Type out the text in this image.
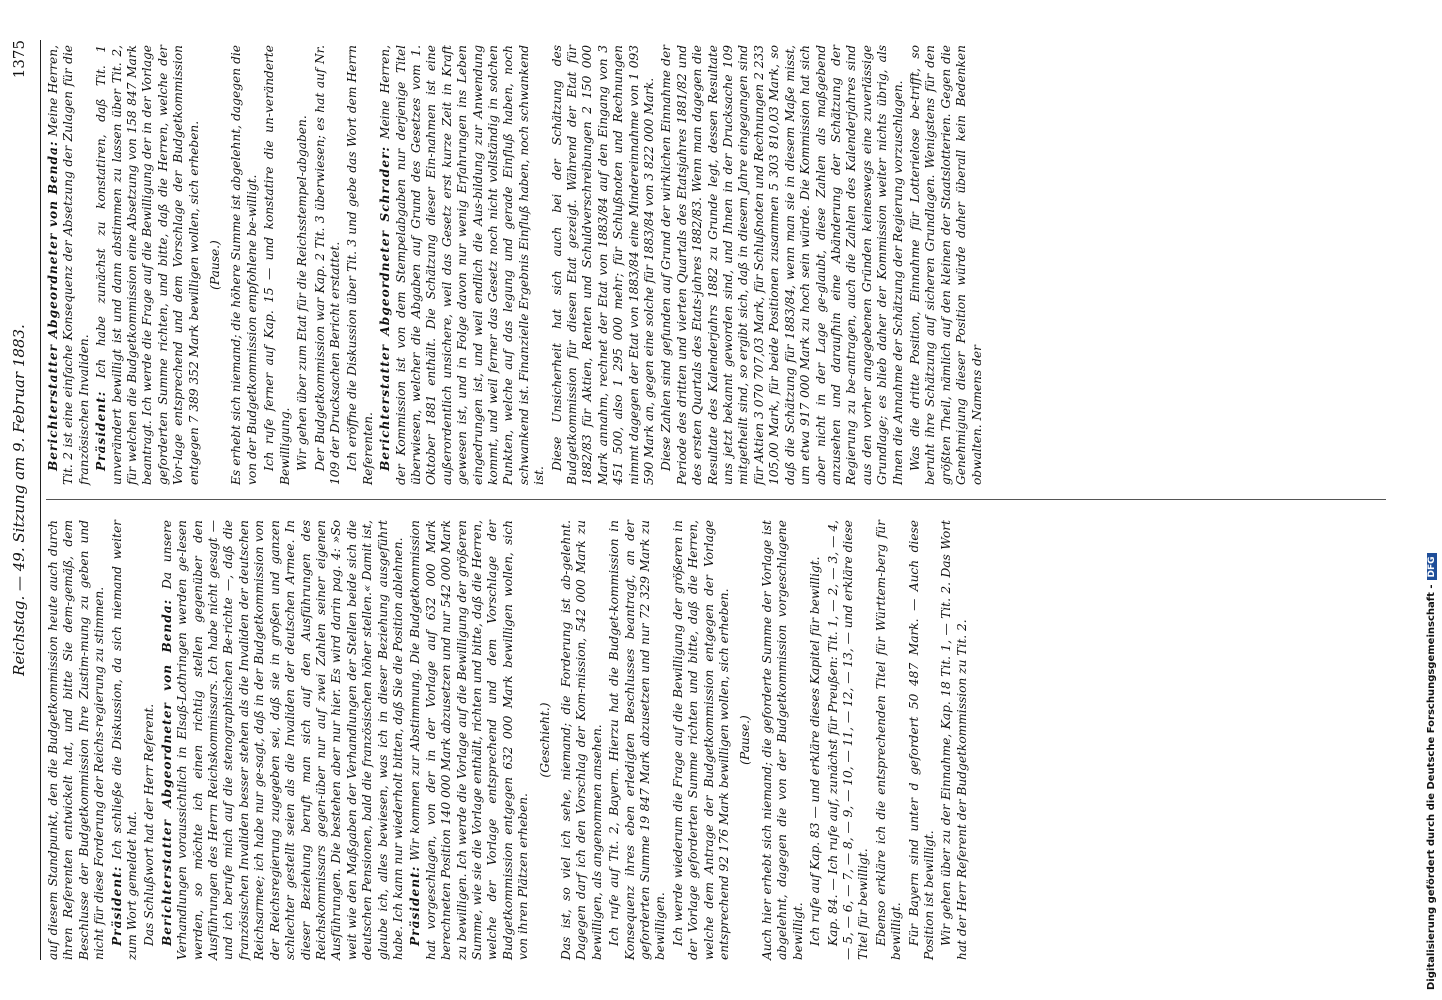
Reichstag. — 49. Sitzung am 9. Februar 1883.
1375

auf diesem Standpunkt, den die Budgetkommission heute auch durch ihren Referenten entwickelt hat, und bitte Sie dem-gemäß, dem Beschlusse der Budgetkommission Ihre Zustim-mung zu geben und nicht für diese Forderung der Reichs-regierung zu stimmen. Präsident: Ich schließe die Diskussion, da sich niemand weiter zum Wort gemeldet hat. Das Schlußwort hat der Herr Referent. Berichterstatter Abgeordneter von Benda: Da unsere Verhandlungen voraussichtlich in Elsaß-Lothringen werden ge-lesen werden, so möchte ich einen richtig stellen gegenüber den Ausführungen des Herrn Reichskommissars. Ich habe nicht gesagt — und ich berufe mich auf die stenographischen Be-richte —, daß die französischen Invaliden besser stehen als die Invaliden der deutschen Reichsarmee; ich habe nur ge-sagt, daß in der Budgetkommission von der Reichsregierung zugegeben sei, daß sie in großen und ganzen schlechter gestellt seien als die Invaliden der deutschen Armee. In dieser Beziehung beruft man sich auf den Ausführungen des Reichskommissars gegen-über nur auf zwei Zahlen seiner eigenen Ausführungen. Die bestehen aber nur hier. Es wird darin pag. 4: »So weit wie den Maßgaben der Verhandlungen der Stellen beide sich die deutschen Pensionen, bald die französischen höher stellen.« Damit ist, glaube ich, alles bewiesen, was ich in dieser Beziehung ausgeführt habe. Ich kann nur wiederholt bitten, daß Sie die Position ablehnen. Präsident: Wir kommen zur Abstimmung. Die Budgetkommission hat vorgeschlagen, von der in der Vorlage auf 632 000 Mark berechneten Position 140 000 Mark abzusetzen und nur 542 000 Mark zu bewilligen. Ich werde die Vorlage auf die Bewilligung der größeren Summe, wie sie die Vorlage enthält, richten und bitte, daß die Herren, welche der Vorlage entsprechend und dem Vorschlage der Budgetkommission entgegen 632 000 Mark bewilligen wollen, sich von ihren Plätzen erheben.

(Geschieht.) Das ist, so viel ich sehe, niemand; die Forderung ist ab-gelehnt. Dagegen darf ich den Vorschlag der Kom-mission, 542 000 Mark zu bewilligen, als angenommen ansehen. Ich rufe auf Tit. 2, Bayern. Hierzu hat die Budget-kommission in Konsequenz ihres eben erledigten Beschlusses beantragt, an der geforderten Summe 19 847 Mark abzusetzen und nur 72 329 Mark zu bewilligen. Ich werde wiederum die Frage auf die Bewilligung der größeren in der Vorlage geforderten Summe richten und bitte, daß die Herren, welche dem Antrage der Budgetkommission entgegen der Vorlage entsprechend 92 176 Mark bewilligen wollen, sich erheben. (Pause.) Auch hier erhebt sich niemand; die geforderte Summe der Vorlage ist abgelehnt, dagegen die von der Budgetkommission vorgeschlagene bewilligt. Ich rufe auf Kap. 83 — und erkläre dieses Kapitel für bewilligt. Kap. 84. — Ich rufe auf, zunächst für Preußen: Tit. 1, — 2, — 3, — 4, — 5, — 6, — 7, — 8, — 9, — 10, — 11, — 12, — 13, — und erkläre diese Titel für bewilligt. Ebenso erkläre ich die entsprechenden Titel für Württem-berg für bewilligt. Für Bayern sind unter d gefordert 50 487 Mark. — Auch diese Position ist bewilligt. Wir gehen über zu der Einnahme, Kap. 18 Tit. 1, — Tit. 2. Das Wort hat der Herr Referent der Budgetkommission zu Tit. 2.

Berichterstatter Abgeordneter von Benda: Meine Herren, Tit. 2 ist eine einfache Konsequenz der Absetzung der Zulagen für die französischen Invaliden. Präsident: Ich habe zunächst zu konstatiren, daß Tit. 1 unverändert bewilligt ist und dann abstimmen zu lassen über Tit. 2, für welchen die Budgetkommission eine Absetzung von 158 847 Mark beantragt. Ich werde die Frage auf die Bewilligung der in der Vorlage geforderten Summe richten, und bitte, daß die Herren, welche der Vor-lage entsprechend und dem Vorschlage der Budgetkommission entgegen 7 389 352 Mark bewilligen wollen, sich erheben. (Pause.) Es erhebt sich niemand; die höhere Summe ist abgelehnt, dagegen die von der Budgetkommission empfohlene be-willigt. Ich rufe ferner auf Kap. 15 — und konstatire die un-veränderte Bewilligung. Wir gehen über zum Etat für die Reichsstempel-abgaben. Der Budgetkommission war Kap. 2 Tit. 3 überwiesen; es hat auf Nr. 109 der Drucksachen Bericht erstattet. Ich eröffne die Diskussion über Tit. 3 und gebe das Wort dem Herrn Referenten. Berichterstatter Abgeordneter Schrader: Meine Herren, der Kommission ist von dem Stempelabgaben nur derjenige Titel überwiesen, welcher die Abgaben auf Grund des Gesetzes vom 1. Oktober 1881 enthält. Die Schätzung dieser Ein-nahmen ist eine außerordentlich unsichere, weil das Gesetz erst kurze Zeit in Kraft gewesen ist, und in Folge davon nur wenig Erfahrungen ins Leben eingedrungen ist, und weil endlich die Aus-bildung zur Anwendung kommt, und weil ferner das Gesetz noch nicht vollständig in solchen Punkten, welche auf das legung und gerade Einfluß haben, noch schwankend ist. Finanzielle Ergebnis Einfluß haben, noch schwankend ist.

Diese Unsicherheit hat sich auch bei der Schätzung des Budgetkommission für diesen Etat gezeigt. Während der Etat für 1882/83 für Aktien, Renten und Schuldverschreibungen 2 150 000 Mark annahm, rechnet der Etat von 1883/84 auf den Eingang von 3 451 500, also 1 295 000 mehr; für Schlußnoten und Rechnungen nimmt dagegen der Etat von 1883/84 eine Mindereinnahme von 1 093 590 Mark an, gegen eine solche für 1883/84 von 3 822 000 Mark. Diese Zahlen sind gefunden auf Grund der wirklichen Einnahme der Periode des dritten und vierten Quartals des Etatsjahres 1881/82 und des ersten Quartals des Etats-jahres 1882/83. Wenn man dagegen die Resultate des Kalenderjahrs 1882 zu Grunde legt, dessen Resultate uns jetzt bekannt geworden sind, und Ihnen in der Drucksache 109 mitgetheilt sind, so ergibt sich, daß in diesem Jahre eingegangen sind für Aktien 3 070 707,03 Mark, für Schlußnoten und Rechnungen 2 233 105,00 Mark, für beide Positionen zusammen 5 303 810,03 Mark, so daß die Schätzung für 1883/84, wenn man sie in diesem Maße misst, um etwa 917 000 Mark zu hoch sein würde. Die Kommission hat sich aber nicht in der Lage ge-glaubt, diese Zahlen als maßgebend anzusehen und daraufhin eine Abänderung der Schätzung der Regierung zu be-antragen, auch die Zahlen des Kalenderjahres sind aus den vorher angegebenen Gründen keineswegs eine zuverlässige Grundlage; es blieb daher der Kommission weiter nichts übrig, als Ihnen die Annahme der Schätzung der Regierung vorzuschlagen. Was die dritte Position, Einnahme für Lotterielose be-trifft, so beruht ihre Schätzung auf sicheren Grundlagen. Wenigstens für den größten Theil, nämlich auf den kleinen der Staatslotterien. Gegen die Genehmigung dieser Position würde daher überall kein Bedenken obwalten. Namens der

Digitalisierung gefördert durch die Deutsche Forschungsgemeinschaft -DFG
